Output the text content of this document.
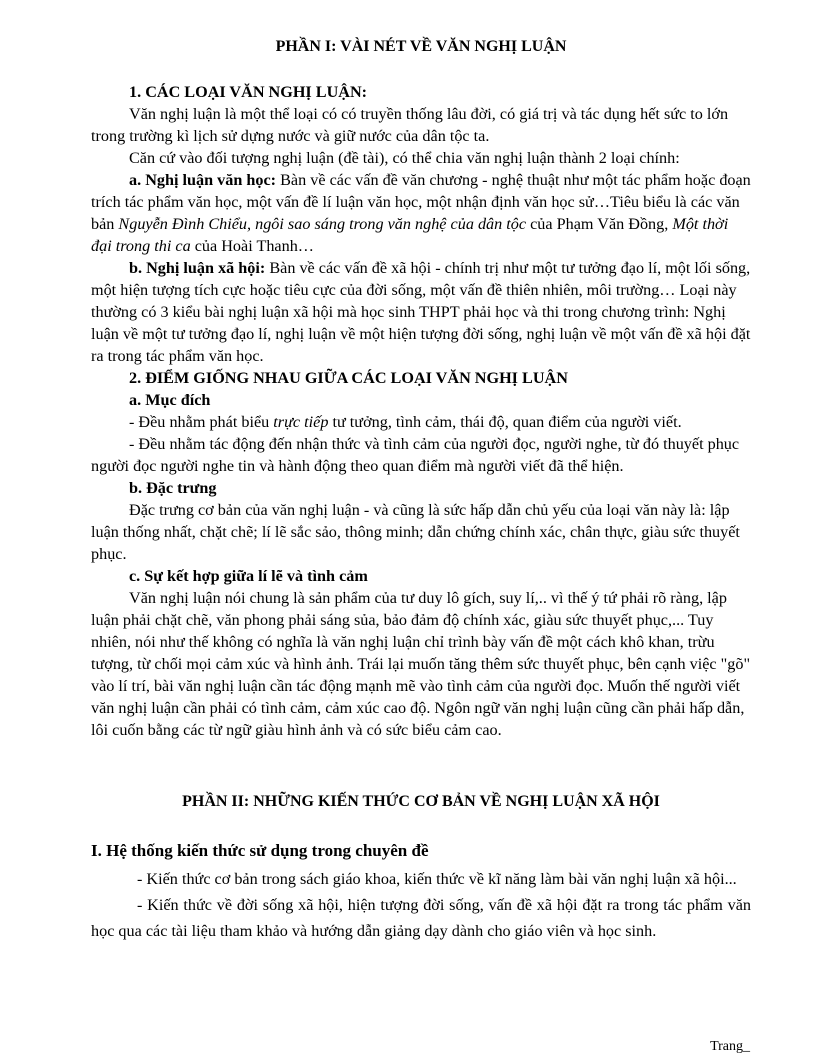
PHẦN I: VÀI NÉT VỀ VĂN NGHỊ LUẬN

1. CÁC LOẠI VĂN NGHỊ LUẬN:

Văn nghị luận là một thể loại có có truyền thống lâu đời, có giá trị và tác dụng hết sức to lớn trong trường kì lịch sử dựng nước và giữ nước của dân tộc ta.

Căn cứ vào đối tượng nghị luận (đề tài), có thể chia văn nghị luận thành 2 loại chính:

a. Nghị luận văn học: Bàn về các vấn đề văn chương - nghệ thuật như một tác phẩm hoặc đoạn trích tác phẩm văn học, một vấn đề lí luận văn học, một nhận định văn học sử…Tiêu biểu là các văn bản Nguyễn Đình Chiểu, ngôi sao sáng trong văn nghệ của dân tộc của Phạm Văn Đồng, Một thời đại trong thi ca của Hoài Thanh…

b. Nghị luận xã hội: Bàn về các vấn đề xã hội - chính trị như một tư tưởng đạo lí, một lối sống, một hiện tượng tích cực hoặc tiêu cực của đời sống, một vấn đề thiên nhiên, môi trường… Loại này thường có 3 kiểu bài nghị luận xã hội mà học sinh THPT phải học và thi trong chương trình: Nghị luận về một tư tưởng đạo lí, nghị luận về một hiện tượng đời sống, nghị luận về một vấn đề xã hội đặt ra trong tác phẩm văn học.

2. ĐIỂM GIỐNG NHAU GIỮA CÁC LOẠI VĂN NGHỊ LUẬN

a. Mục đích

- Đều nhằm phát biểu trực tiếp tư tưởng, tình cảm, thái độ, quan điểm của người viết.

- Đều nhằm tác động đến nhận thức và tình cảm của người đọc, người nghe, từ đó thuyết phục người đọc người nghe tin và hành động theo quan điểm mà người viết đã thể hiện.

b. Đặc trưng

Đặc trưng cơ bản của văn nghị luận - và cũng là sức hấp dẫn chủ yếu của loại văn này là: lập luận thống nhất, chặt chẽ; lí lẽ sắc sảo, thông minh; dẫn chứng chính xác, chân thực, giàu sức thuyết phục.

c. Sự kết hợp giữa lí lẽ và tình cảm

Văn nghị luận nói chung là sản phẩm của tư duy lô gích, suy lí,.. vì thế ý tứ phải rõ ràng, lập luận phải chặt chẽ, văn phong phải sáng sủa, bảo đảm độ chính xác, giàu sức thuyết phục,... Tuy nhiên, nói như thế không có nghĩa là văn nghị luận chỉ trình bày vấn đề một cách khô khan, trừu tượng, từ chối mọi cảm xúc và hình ảnh. Trái lại muốn tăng thêm sức thuyết phục, bên cạnh việc "gõ" vào lí trí, bài văn nghị luận cần tác động mạnh mẽ vào tình cảm của người đọc. Muốn thế người viết văn nghị luận cần phải có tình cảm, cảm xúc cao độ. Ngôn ngữ văn nghị luận cũng cần phải hấp dẫn, lôi cuốn bằng các từ ngữ giàu hình ảnh và có sức biểu cảm cao.

PHẦN II: NHỮNG KIẾN THỨC CƠ BẢN VỀ NGHỊ LUẬN XÃ HỘI

I. Hệ thống kiến thức sử dụng trong chuyên đề

- Kiến thức cơ bản trong sách giáo khoa, kiến thức về kĩ năng làm bài văn nghị luận xã hội...

- Kiến thức về đời sống xã hội, hiện tượng đời sống, vấn đề xã hội đặt ra trong tác phẩm văn học qua các tài liệu tham khảo và hướng dẫn giảng dạy dành cho giáo viên và học sinh.

Trang_
